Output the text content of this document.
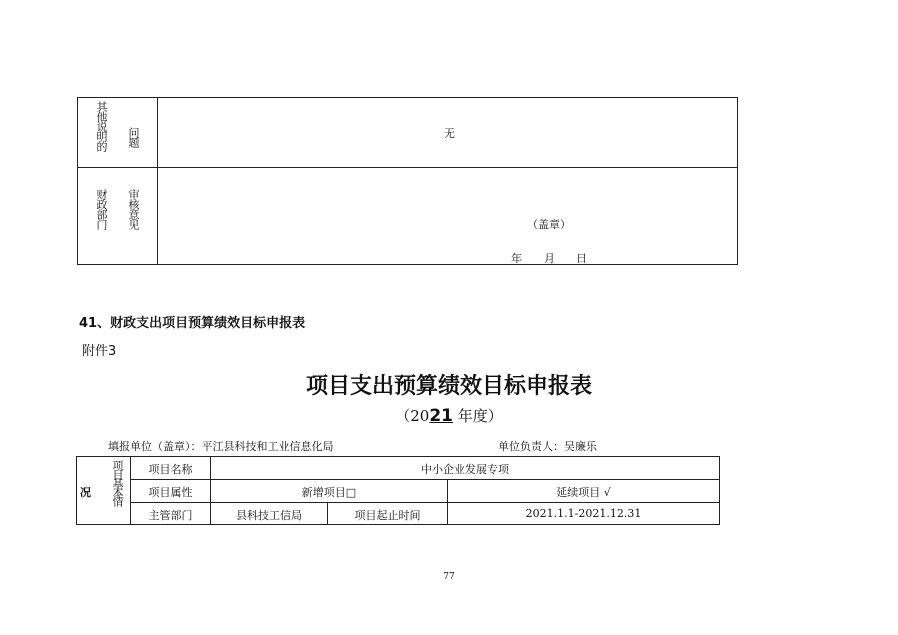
其他说明的 问题	无
财政部门 审核意见	（盖章）
年 月 日
41、财政支出项目预算绩效目标申报表
附件3
项目支出预算绩效目标申报表
（2021 年度）
填报单位（盖章）：平江县科技和工业信息化局	单位负责人：吴廉乐
况 项目基本情	项目名称	中小企业发展专项
项目属性	新增项目□	延续项目 √
主管部门	县科技工信局	项目起止时间	2021.1.1-2021.12.31
77
